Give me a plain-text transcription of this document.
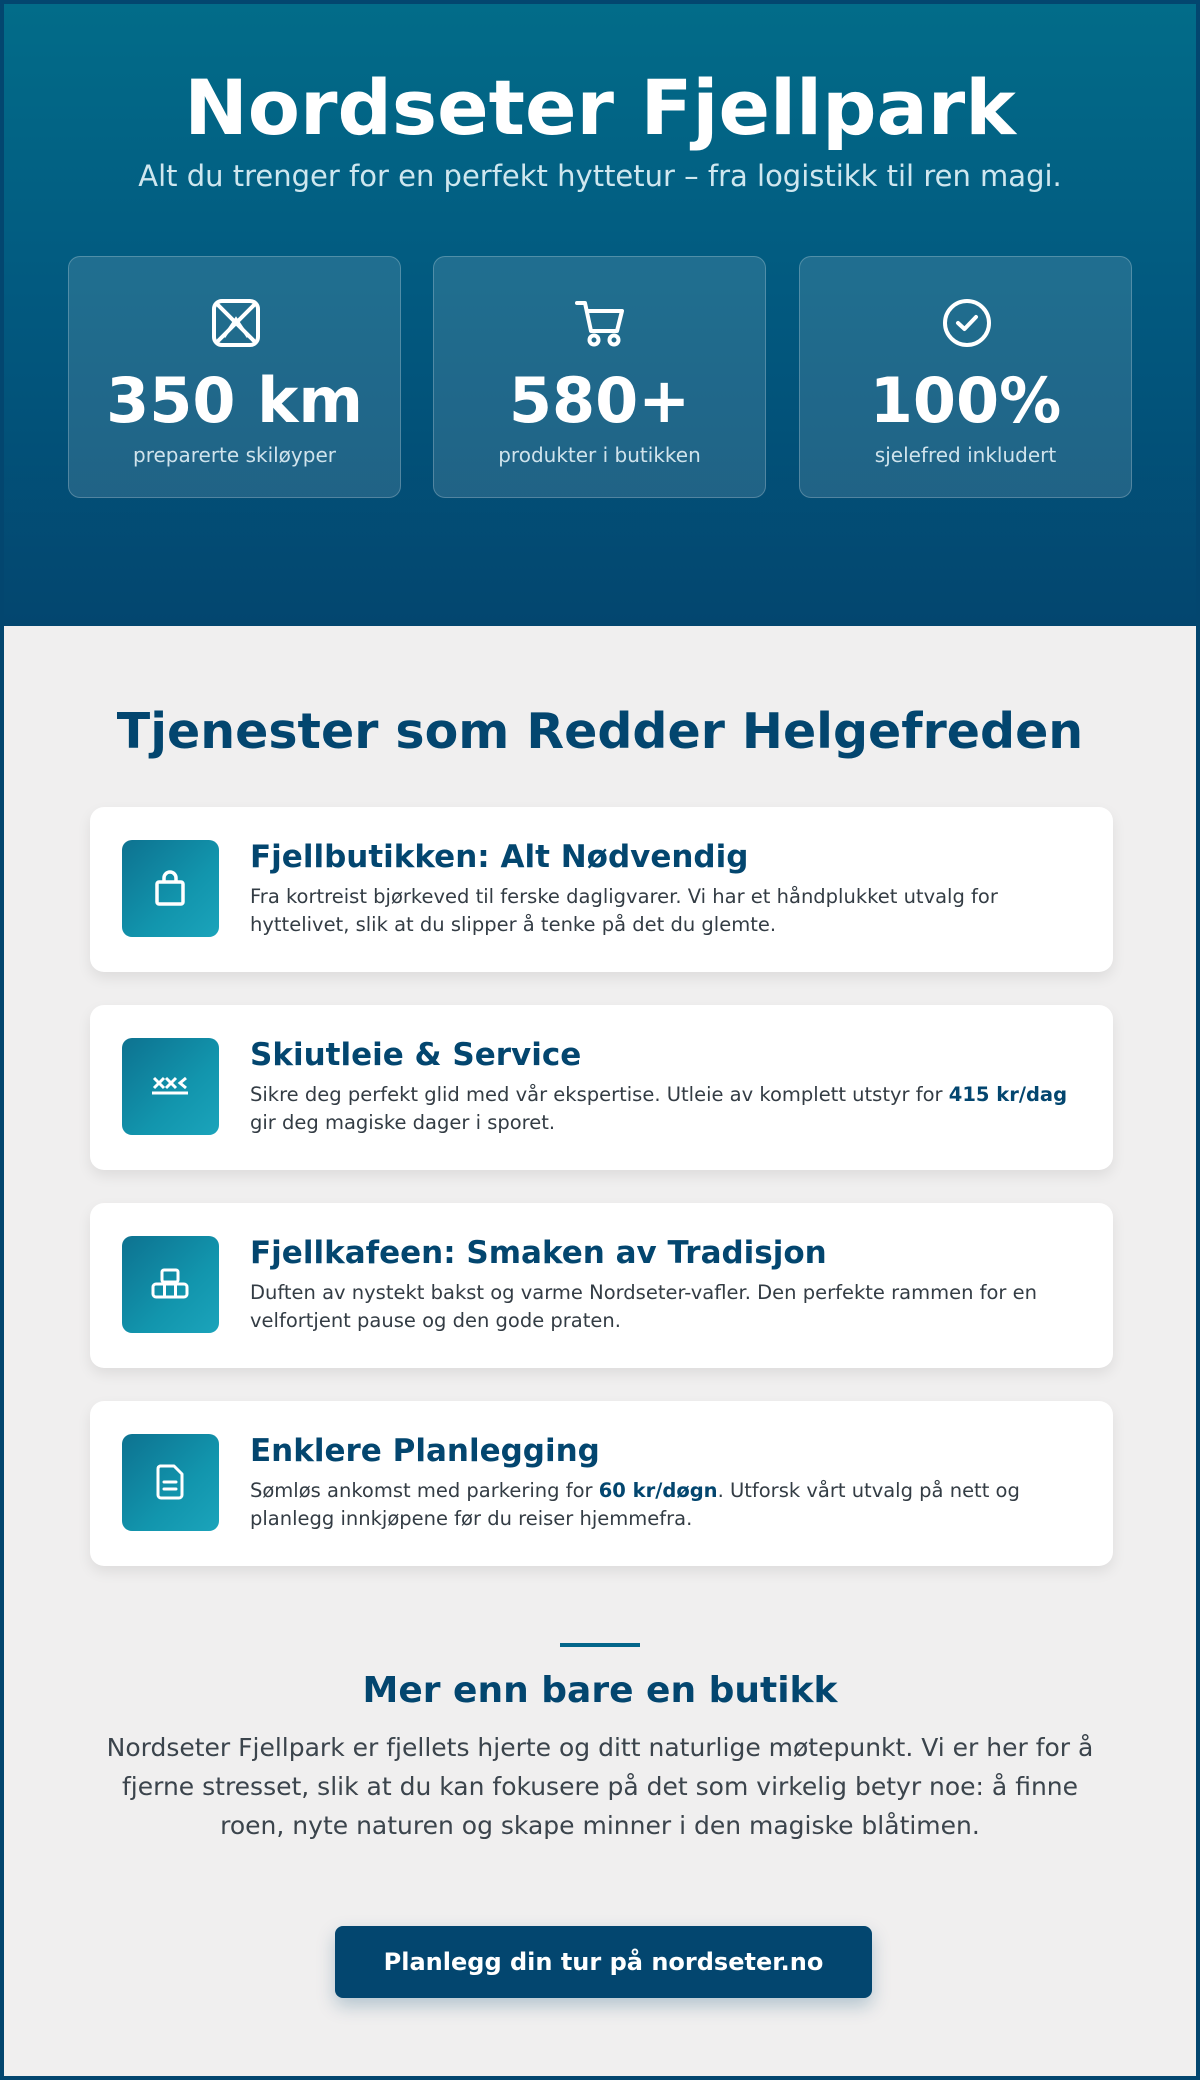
Nordseter Fjellpark

Alt du trenger for en perfekt hyttetur – fra logistikk til ren magi.

350 km
preparerte skiløyper
580+
produkter i butikken
100%
sjelefred inkludert
Tjenester som Redder Helgefreden
Fjellbutikken: Alt Nødvendig

Fra kortreist bjørkeved til ferske dagligvarer. Vi har et håndplukket utvalg for hyttelivet, slik at du slipper å tenke på det du glemte.

Skiutleie & Service

Sikre deg perfekt glid med vår ekspertise. Utleie av komplett utstyr for 415 kr/dag gir deg magiske dager i sporet.

Fjellkafeen: Smaken av Tradisjon

Duften av nystekt bakst og varme Nordseter-vafler. Den perfekte rammen for en velfortjent pause og den gode praten.

Enklere Planlegging

Sømløs ankomst med parkering for 60 kr/døgn. Utforsk vårt utvalg på nett og planlegg innkjøpene før du reiser hjemmefra.

Mer enn bare en butikk

Nordseter Fjellpark er fjellets hjerte og ditt naturlige møtepunkt. Vi er her for å fjerne stresset, slik at du kan fokusere på det som virkelig betyr noe: å finne roen, nyte naturen og skape minner i den magiske blåtimen.

Planlegg din tur på nordseter.no
